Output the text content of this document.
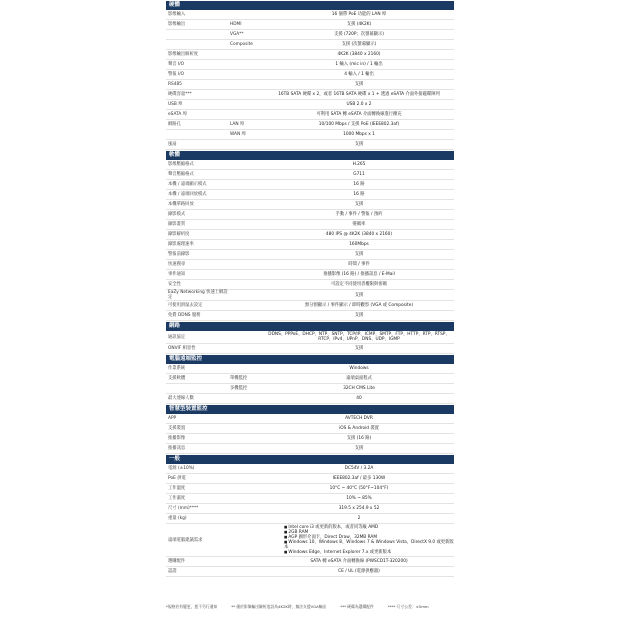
硬體
影像輸入	16 個帶 PoE 功能的 LAN 埠
影像輸出	HDMI	支援 (4K2K)
VGA**	支援 (720P；次螢幕顯示)
Composite	支援 (次螢幕顯示)
影像輸出解析度	4K2K (3840 x 2160)
聲音 I/O	1 輸入 (mic in) / 1 輸出
警報 I/O	4 輸入 / 1 輸出
RS485	支援
硬碟容量***	16TB SATA 硬碟 x 2，或者 16TB SATA 硬碟 x 1 + 透過 eSATA 介面外接磁碟陣列
USB 埠	USB 2.0 x 2
eSATA 埠	可利用 SATA 轉 eSATA 介面轉換線進行擴充
網路孔	LAN 埠	10/100 Mbps / 支援 PoE (IEEE802.3af)
WAN 埠	1000 Mbps x 1
風扇	支援
軟體
影像壓縮格式	H.265
聲音壓縮格式	G711
本機 / 遠端顯示模式	16 路
本機 / 遠端回放模式	16 路
本機單路回放	支援
錄影模式	手動 / 事件 / 警報 / 預約
錄影畫質	變碼率
錄影解析度	480 IPS @ 4K2K (3840 x 2160)
錄影處理速率	160Mbps
警報前錄影	支援
快速搜尋	時間 / 事件
事件通知	推播影像 (16 路) / 推播訊息 / E-Mail
安全性	可設定不同使用者權限與密碼
EaZy Networking 快速上網設定	支援
可使用滑鼠去設定	無分割顯示 / 事件顯示 / 即時觀察 (VGA 或 Composite)
免費 DDNS 服務	支援
網路
通訊協定	DDNS、PPPoE、DHCP、NTP、SNTP、TCP/IP、ICMP、SMTP、FTP、HTTP、RTP、RTSP、RTCP、IPv4、UPnP、DNS、UDP、IGMP
ONVIF 相容性	支援
電腦遠端監控
作業系統	Windows
支援軟體	單機監控	遠端桌面程式
多機監控	32CH CMS Lite
最大連線人數	40
智慧型裝置監控
APP	AVTECH DVR
支援裝置	iOS & Android 裝置
推播影像	支援 (16 路)
推播訊息	支援
一般
電源 (±10%)	DC54V / 3.2A
PoE 供電	IEEE802.3af / 最多 130W
工作溫度	10°C ~ 40°C (50°F~104°F)
工作濕度	10% ~ 85%
尺寸 (mm)****	319.5 x 254.9 x 52
重量 (kg)	2
遠端電腦建議需求
■ Intel core i3 或更新的版本，或者同等級 AMD
■ 2GB RAM
■ AGP 圖形介面卡，Direct Draw，32MB RAM
■ Windows 10、Windows 8、Windows 7 & Windows Vista，DirectX 9.0 或更新版本
■ Windows Edge、Internet Explorer 7.x 或更新版本
選購配件	SATA 轉 eSATA 介面轉換線 (PWSCD1T-320200)
認證	CE / UL (電源供應器)
*規格若有變更，恕不另行通知	** 僅於影像輸出解析度設為4K2K時，無法支援VGA輸出	*** 硬碟為選購配件	**** 尺寸公差：±5mm
